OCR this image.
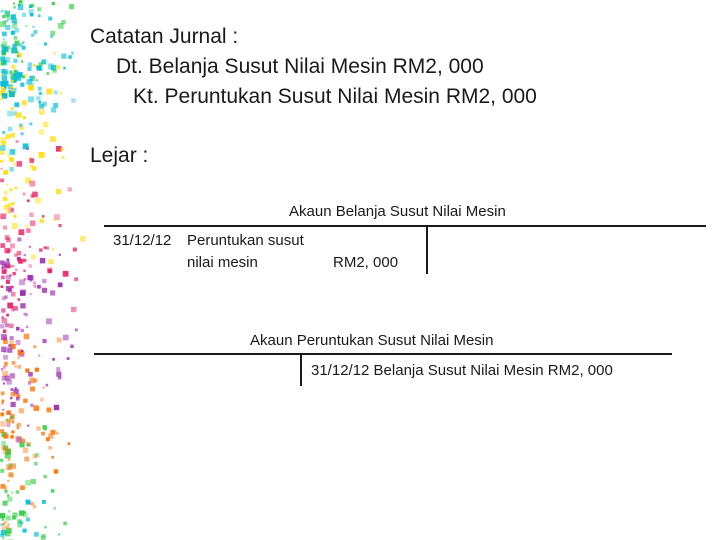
Catatan Jurnal :
Dt. Belanja Susut Nilai Mesin RM2, 000
Kt. Peruntukan Susut Nilai Mesin RM2, 000
Lejar :
Akaun Belanja Susut Nilai Mesin
31/12/12 Peruntukan susut
nilai mesin	RM2, 000
Akaun Peruntukan Susut Nilai Mesin
31/12/12 Belanja Susut Nilai Mesin RM2, 000
